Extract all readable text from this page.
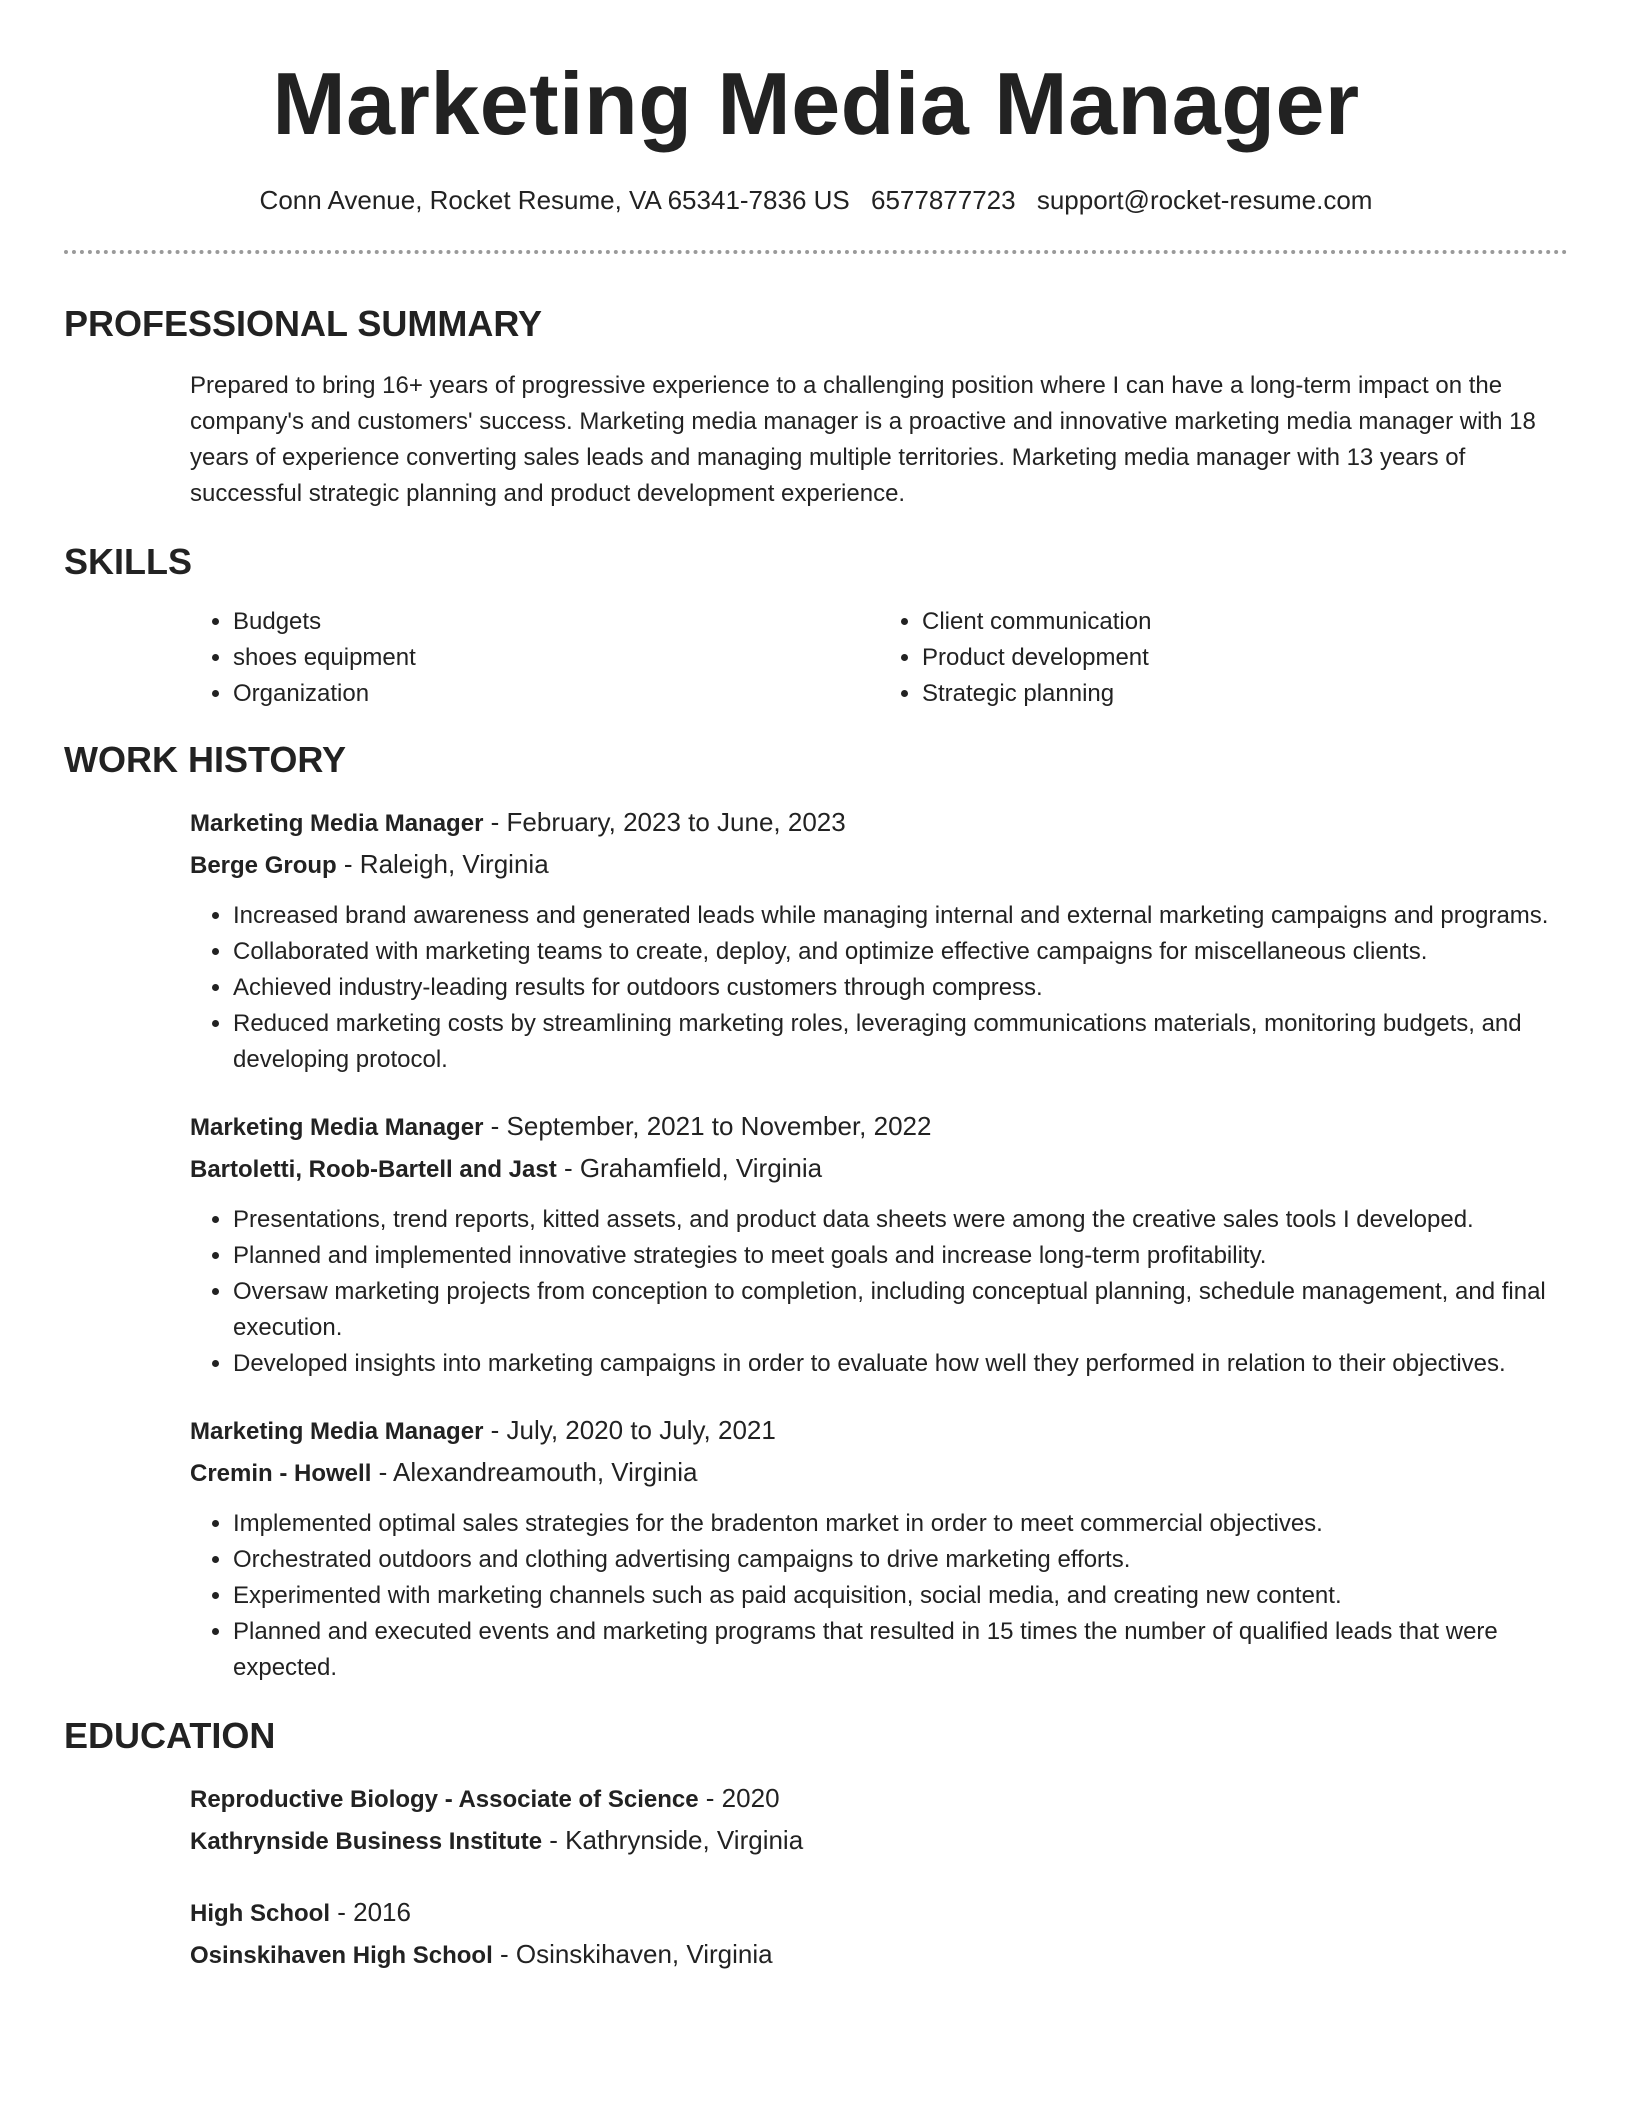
Marketing Media Manager
Conn Avenue, Rocket Resume, VA 65341-7836 US 6577877723 support@rocket-resume.com
PROFESSIONAL SUMMARY

Prepared to bring 16+ years of progressive experience to a challenging position where I can have a long-term impact on the company's and customers' success. Marketing media manager is a proactive and innovative marketing media manager with 18 years of experience converting sales leads and managing multiple territories. Marketing media manager with 13 years of successful strategic planning and product development experience.

SKILLS
• Budgets
• shoes equipment
• Organization
• Client communication
• Product development
• Strategic planning
WORK HISTORY

Marketing Media Manager - February, 2023 to June, 2023

Berge Group - Raleigh, Virginia

• Increased brand awareness and generated leads while managing internal and external marketing campaigns and programs.
• Collaborated with marketing teams to create, deploy, and optimize effective campaigns for miscellaneous clients.
• Achieved industry-leading results for outdoors customers through compress.
• Reduced marketing costs by streamlining marketing roles, leveraging communications materials, monitoring budgets, and developing protocol.

Marketing Media Manager - September, 2021 to November, 2022

Bartoletti, Roob-Bartell and Jast - Grahamfield, Virginia

• Presentations, trend reports, kitted assets, and product data sheets were among the creative sales tools I developed.
• Planned and implemented innovative strategies to meet goals and increase long-term profitability.
• Oversaw marketing projects from conception to completion, including conceptual planning, schedule management, and final execution.
• Developed insights into marketing campaigns in order to evaluate how well they performed in relation to their objectives.

Marketing Media Manager - July, 2020 to July, 2021

Cremin - Howell - Alexandreamouth, Virginia

• Implemented optimal sales strategies for the bradenton market in order to meet commercial objectives.
• Orchestrated outdoors and clothing advertising campaigns to drive marketing efforts.
• Experimented with marketing channels such as paid acquisition, social media, and creating new content.
• Planned and executed events and marketing programs that resulted in 15 times the number of qualified leads that were expected.
EDUCATION

Reproductive Biology - Associate of Science - 2020

Kathrynside Business Institute - Kathrynside, Virginia

High School - 2016

Osinskihaven High School - Osinskihaven, Virginia
